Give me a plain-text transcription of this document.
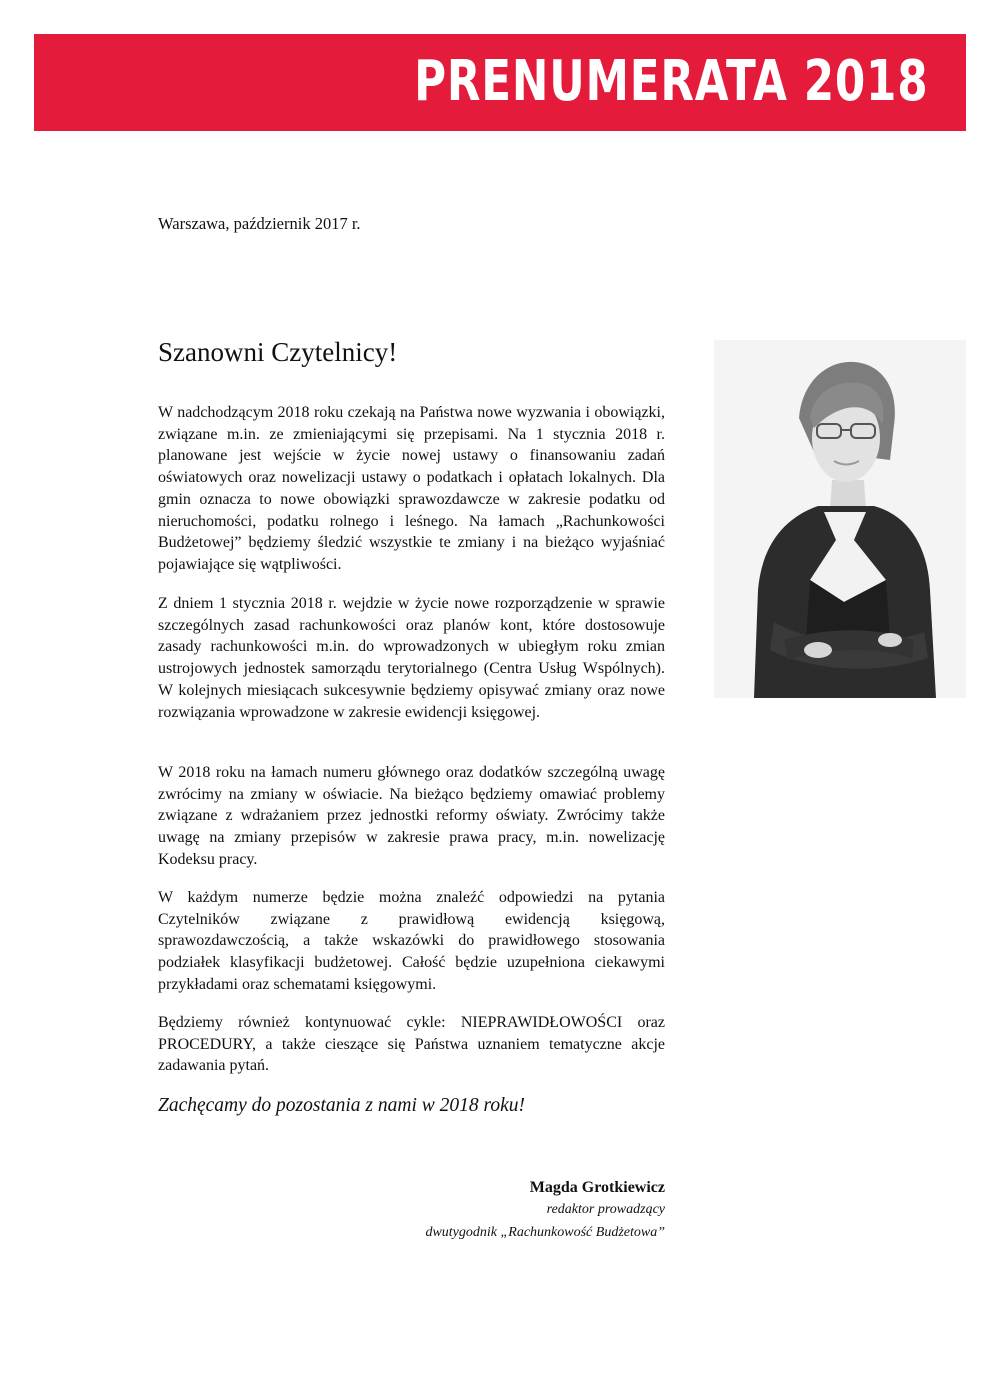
PRENUMERATA 2018
Warszawa, październik 2017 r.
Szanowni Czytelnicy!

W nadchodzącym 2018 roku czekają na Państwa nowe wyzwania i obowiązki, związane m.in. ze zmieniającymi się przepisami. Na 1 stycznia 2018 r. planowane jest wejście w życie nowej ustawy o finansowaniu zadań oświatowych oraz nowelizacji ustawy o podatkach i opłatach lokalnych. Dla gmin oznacza to nowe obowiązki sprawozdawcze w zakresie podatku od nieruchomości, podatku rolnego i leśnego. Na łamach „Rachunkowości Budżetowej” będziemy śledzić wszystkie te zmiany i na bieżąco wyjaśniać pojawiające się wątpliwości.

Z dniem 1 stycznia 2018 r. wejdzie w życie nowe rozporządzenie w sprawie szczególnych zasad rachunkowości oraz planów kont, które dostosowuje zasady rachunkowości m.in. do wprowadzonych w ubiegłym roku zmian ustrojowych jednostek samorządu terytorialnego (Centra Usług Wspólnych). W kolejnych miesiącach sukcesywnie będziemy opisywać zmiany oraz nowe rozwiązania wprowadzone w zakresie ewidencji księgowej.

W 2018 roku na łamach numeru głównego oraz dodatków szczególną uwagę zwrócimy na zmiany w oświacie. Na bieżąco będziemy omawiać problemy związane z wdrażaniem przez jednostki reformy oświaty. Zwrócimy także uwagę na zmiany przepisów w zakresie prawa pracy, m.in. nowelizację Kodeksu pracy.

W każdym numerze będzie można znaleźć odpowiedzi na pytania Czytelników związane z prawidłową ewidencją księgową, sprawozdawczością, a także wskazówki do prawidłowego stosowania podziałek klasyfikacji budżetowej. Całość będzie uzupełniona ciekawymi przykładami oraz schematami księgowymi.

Będziemy również kontynuować cykle: NIEPRAWIDŁOWOŚCI oraz PROCEDURY, a także cieszące się Państwa uznaniem tematyczne akcje zadawania pytań.

Zachęcamy do pozostania z nami w 2018 roku!
Magda Grotkiewicz
redaktor prowadzący
dwutygodnik „Rachunkowość Budżetowa”
